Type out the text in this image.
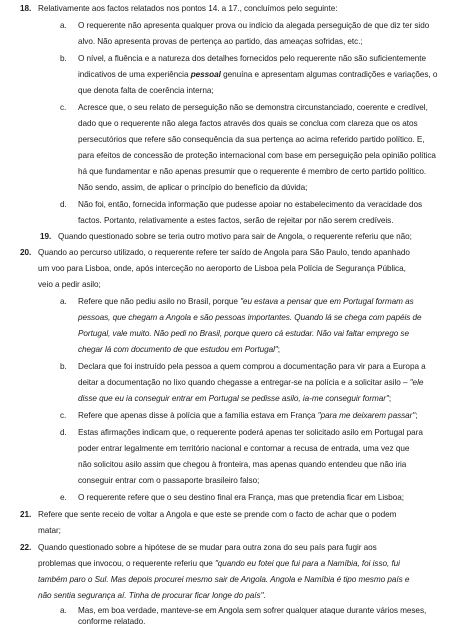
18. Relativamente aos factos relatados nos pontos 14. a 17., concluímos pelo seguinte:
a. O requerente não apresenta qualquer prova ou indício da alegada perseguição de que diz ter sido
alvo. Não apresenta provas de pertença ao partido, das ameaças sofridas, etc.;
b. O nível, a fluência e a natureza dos detalhes fornecidos pelo requerente não são suficientemente
indicativos de uma experiência pessoal genuína e apresentam algumas contradições e variações, o
que denota falta de coerência interna;
c. Acresce que, o seu relato de perseguição não se demonstra circunstanciado, coerente e credível,
dado que o requerente não alega factos através dos quais se conclua com clareza que os atos
persecutórios que refere são consequência da sua pertença ao acima referido partido político. E,
para efeitos de concessão de proteção internacional com base em perseguição pela opinião política
há que fundamentar e não apenas presumir que o requerente é membro de certo partido político.
Não sendo, assim, de aplicar o princípio do benefício da dúvida;
d. Não foi, então, fornecida informação que pudesse apoiar no estabelecimento da veracidade dos
factos. Portanto, relativamente a estes factos, serão de rejeitar por não serem credíveis.
19. Quando questionado sobre se teria outro motivo para sair de Angola, o requerente referiu que não;
20. Quando ao percurso utilizado, o requerente refere ter saído de Angola para São Paulo, tendo apanhado
um voo para Lisboa, onde, após interceção no aeroporto de Lisboa pela Polícia de Segurança Pública,
veio a pedir asilo;
a. Refere que não pediu asilo no Brasil, porque "eu estava a pensar que em Portugal formam as
pessoas, que chegam a Angola e são pessoas importantes. Quando lá se chega com papéis de
Portugal, vale muito. Não pedi no Brasil, porque quero cá estudar. Não vai faltar emprego se
chegar lá com documento de que estudou em Portugal";
b. Declara que foi instruído pela pessoa a quem comprou a documentação para vir para a Europa a
deitar a documentação no lixo quando chegasse a entregar-se na polícia e a solicitar asilo – "ele
disse que eu ia conseguir entrar em Portugal se pedisse asilo, ia-me conseguir formar";
c. Refere que apenas disse à polícia que a família estava em França "para me deixarem passar";
d. Estas afirmações indicam que, o requerente poderá apenas ter solicitado asilo em Portugal para
poder entrar legalmente em território nacional e contornar a recusa de entrada, uma vez que
não solicitou asilo assim que chegou à fronteira, mas apenas quando entendeu que não iria
conseguir entrar com o passaporte brasileiro falso;
e. O requerente refere que o seu destino final era França, mas que pretendia ficar em Lisboa;
21. Refere que sente receio de voltar a Angola e que este se prende com o facto de achar que o podem
matar;
22. Quando questionado sobre a hipótese de se mudar para outra zona do seu país para fugir aos
problemas que invocou, o requerente referiu que "quando eu fotei que fui para a Namíbia, foi isso, fui
também paro o Sul. Mas depois procurei mesmo sair de Angola. Angola e Namíbia é tipo mesmo país e
não sentia segurança aí. Tinha de procurar ficar longe do país".
a. Mas, em boa verdade, manteve-se em Angola sem sofrer qualquer ataque durante vários meses,
conforme relatado.
